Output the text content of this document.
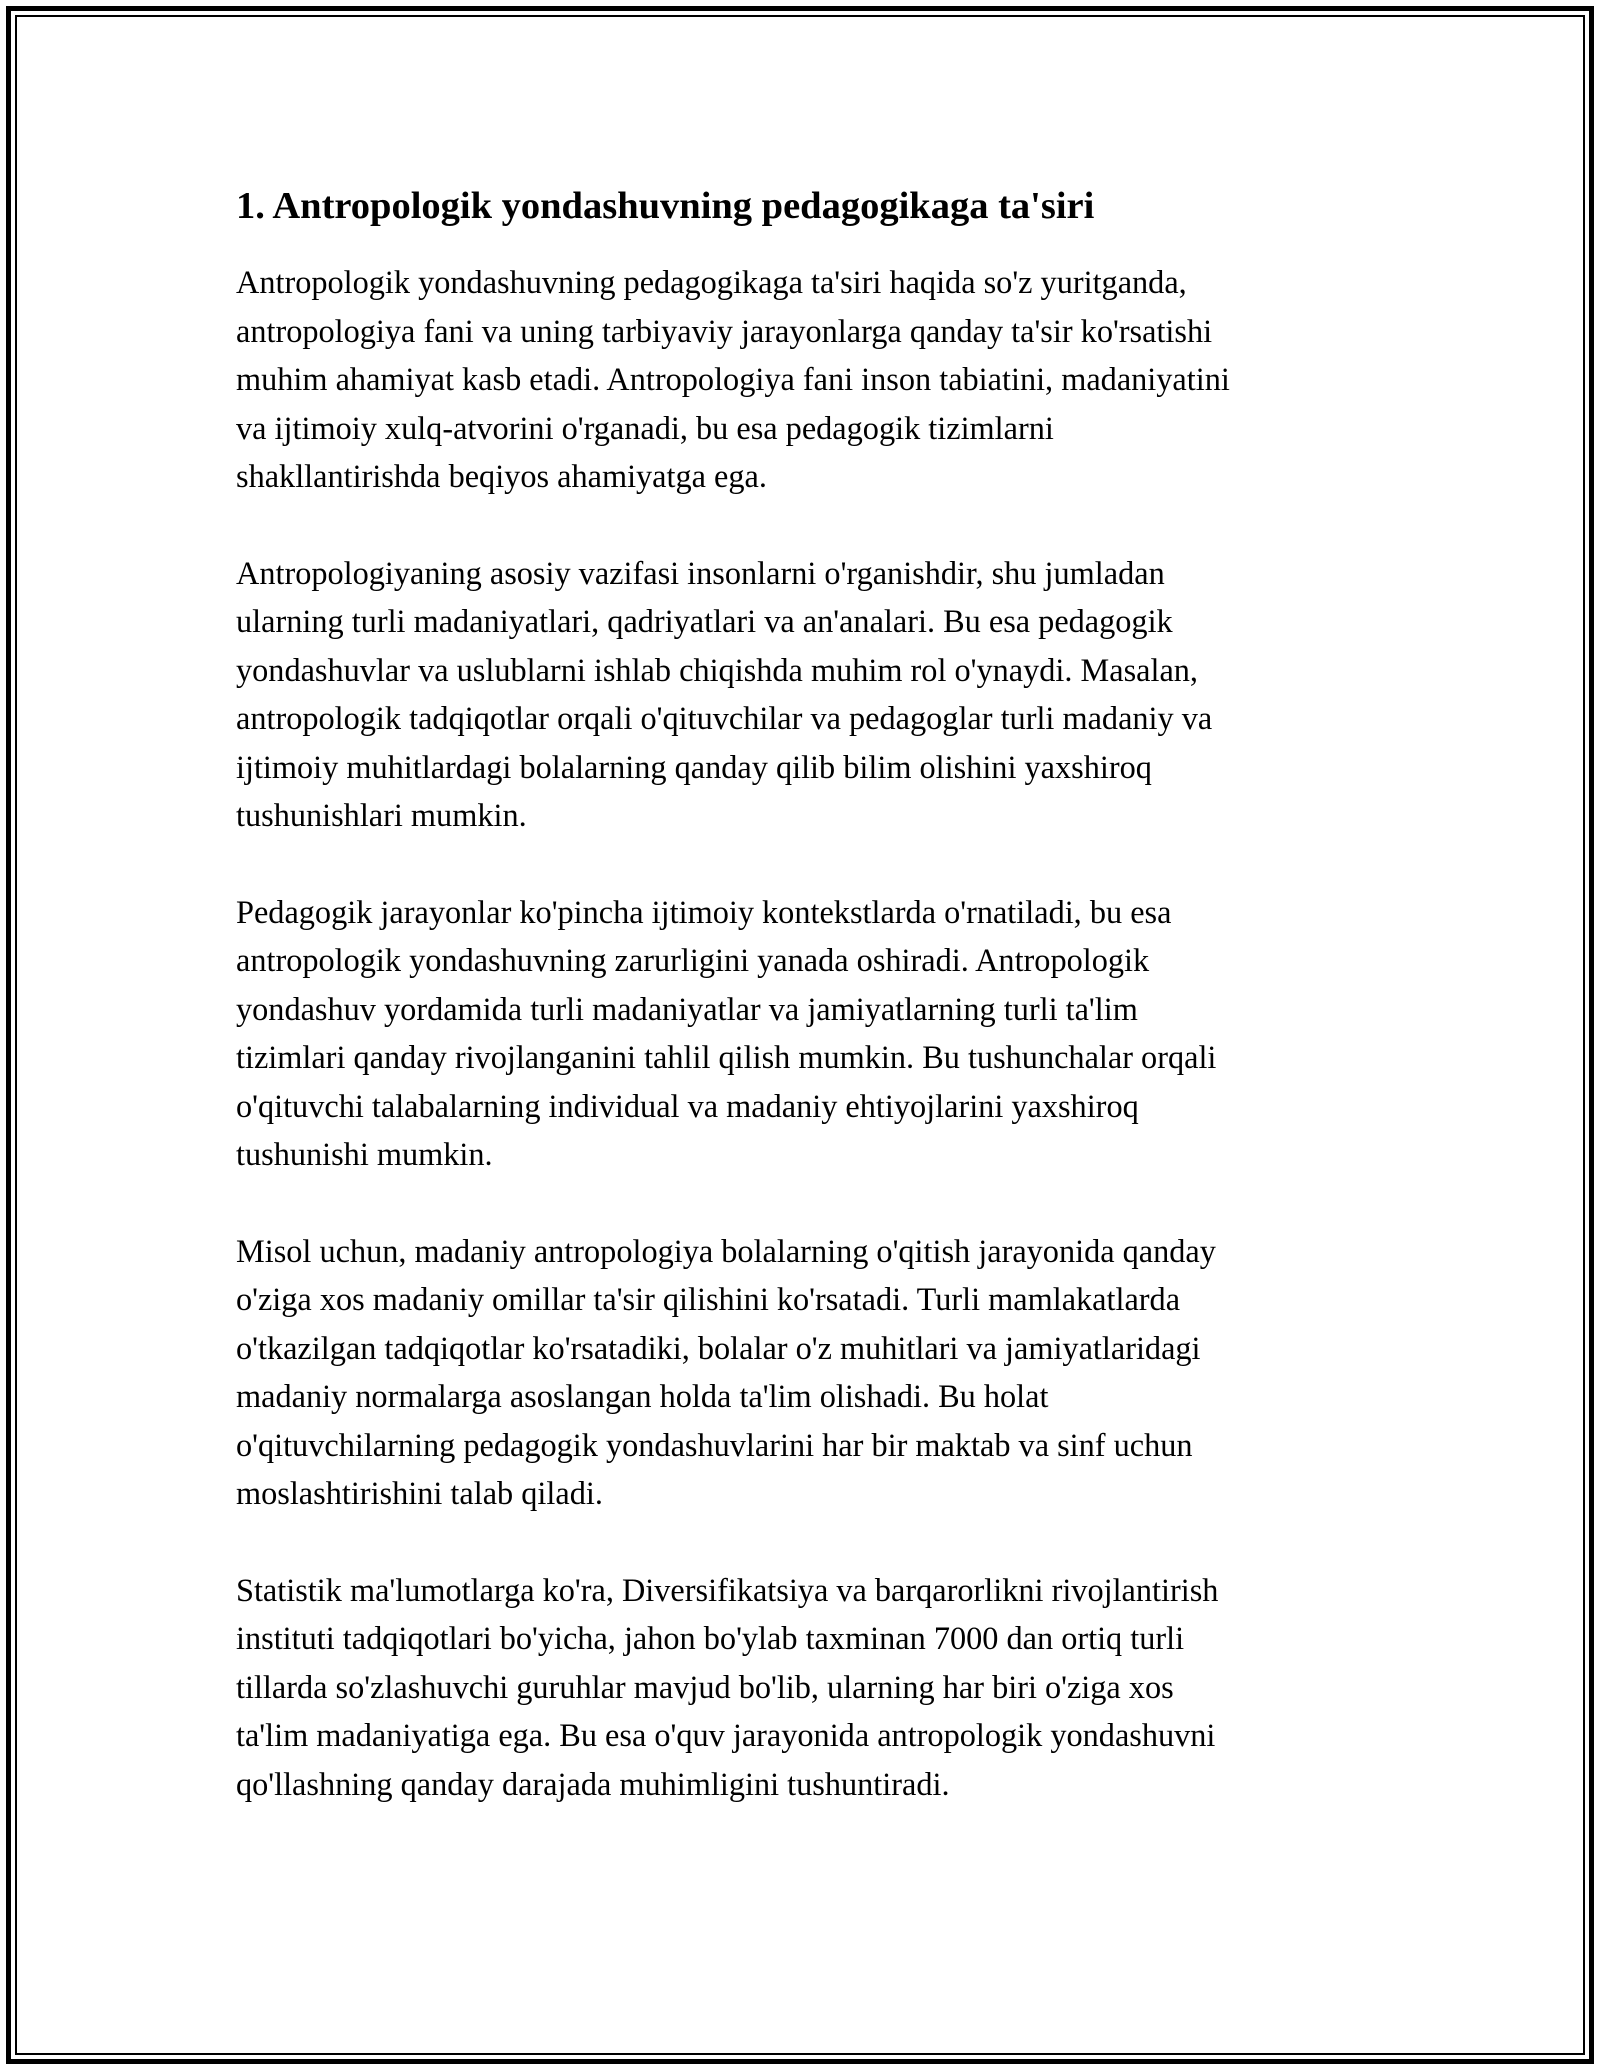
1. Antropologik yondashuvning pedagogikaga ta'siri

Antropologik yondashuvning pedagogikaga ta'siri haqida so'z yuritganda,
antropologiya fani va uning tarbiyaviy jarayonlarga qanday ta'sir ko'rsatishi
muhim ahamiyat kasb etadi. Antropologiya fani inson tabiatini, madaniyatini
va ijtimoiy xulq-atvorini o'rganadi, bu esa pedagogik tizimlarni
shakllantirishda beqiyos ahamiyatga ega.

Antropologiyaning asosiy vazifasi insonlarni o'rganishdir, shu jumladan
ularning turli madaniyatlari, qadriyatlari va an'analari. Bu esa pedagogik
yondashuvlar va uslublarni ishlab chiqishda muhim rol o'ynaydi. Masalan,
antropologik tadqiqotlar orqali o'qituvchilar va pedagoglar turli madaniy va
ijtimoiy muhitlardagi bolalarning qanday qilib bilim olishini yaxshiroq
tushunishlari mumkin.

Pedagogik jarayonlar ko'pincha ijtimoiy kontekstlarda o'rnatiladi, bu esa
antropologik yondashuvning zarurligini yanada oshiradi. Antropologik
yondashuv yordamida turli madaniyatlar va jamiyatlarning turli ta'lim
tizimlari qanday rivojlanganini tahlil qilish mumkin. Bu tushunchalar orqali
o'qituvchi talabalarning individual va madaniy ehtiyojlarini yaxshiroq
tushunishi mumkin.

Misol uchun, madaniy antropologiya bolalarning o'qitish jarayonida qanday
o'ziga xos madaniy omillar ta'sir qilishini ko'rsatadi. Turli mamlakatlarda
o'tkazilgan tadqiqotlar ko'rsatadiki, bolalar o'z muhitlari va jamiyatlaridagi
madaniy normalarga asoslangan holda ta'lim olishadi. Bu holat
o'qituvchilarning pedagogik yondashuvlarini har bir maktab va sinf uchun
moslashtirishini talab qiladi.

Statistik ma'lumotlarga ko'ra, Diversifikatsiya va barqarorlikni rivojlantirish
instituti tadqiqotlari bo'yicha, jahon bo'ylab taxminan 7000 dan ortiq turli
tillarda so'zlashuvchi guruhlar mavjud bo'lib, ularning har biri o'ziga xos
ta'lim madaniyatiga ega. Bu esa o'quv jarayonida antropologik yondashuvni
qo'llashning qanday darajada muhimligini tushuntiradi.
